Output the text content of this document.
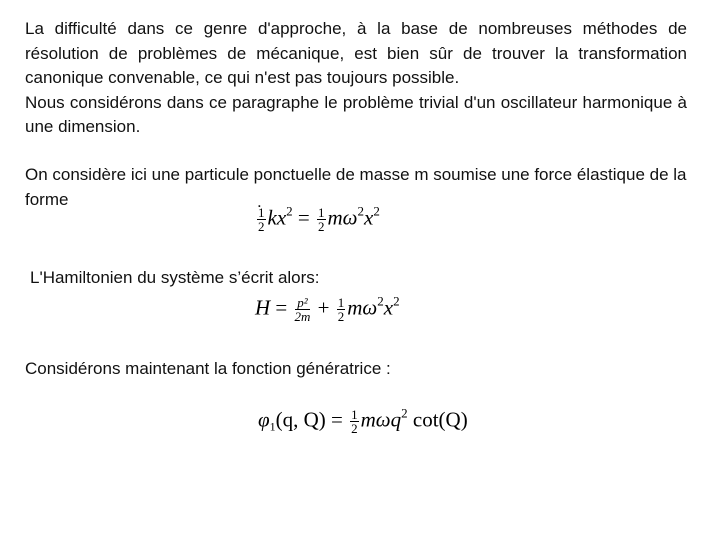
La difficulté dans ce genre d'approche, à la base de nombreuses méthodes de résolution de problèmes de mécanique, est bien sûr de trouver la transformation canonique convenable, ce qui n'est pas toujours possible.
Nous considérons dans ce paragraphe le problème trivial d'un oscillateur harmonique à une dimension.

On considère ici une particule ponctuelle de masse m soumise une force élastique de la forme	.
$\frac{1}{2} kx^2 = \frac{1}{2} m\omega^2x^2$

L'Hamiltonien du système s’écrit alors:

$H = \frac{\text{p²}}{2m} + \frac{1}{2} m\omega^2x^2$

Considérons maintenant la fonction génératrice :

$\varphi_1(q$, $Q) = \frac{1}{2} m\omega q^2$ cot(Q)
